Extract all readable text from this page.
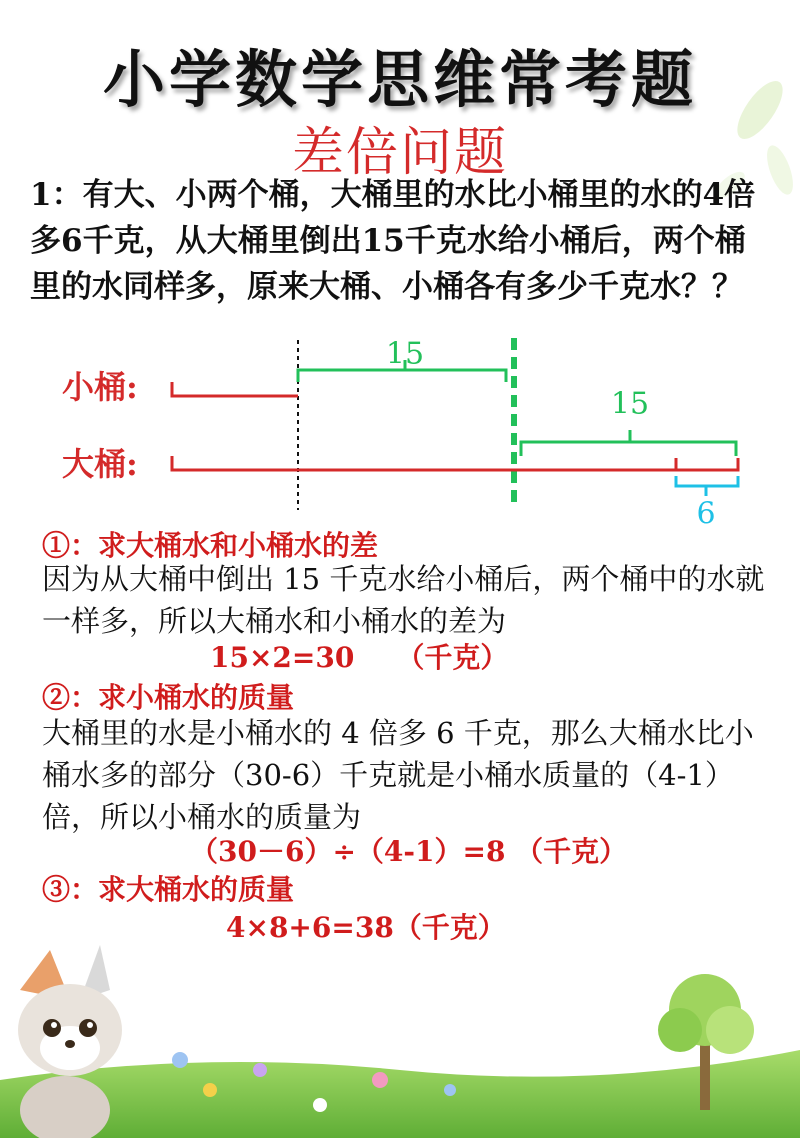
小学数学思维常考题
差倍问题
1：有大、小两个桶，大桶里的水比小桶里的水的4倍多6千克，从大桶里倒出15千克水给小桶后，两个桶里的水同样多，原来大桶、小桶各有多少千克水？？
小桶:
大桶:
15
15
6
①：求大桶水和小桶水的差
因为从大桶中倒出 15 千克水给小桶后，两个桶中的水就一样多，所以大桶水和小桶水的差为
15×2=30　　（千克）
②：求小桶水的质量
大桶里的水是小桶水的 4 倍多 6 千克，那么大桶水比小桶水多的部分（30-6）千克就是小桶水质量的（4-1）倍，所以小桶水的质量为
（30－6）÷（4-1）=8 （千克）
③：求大桶水的质量
4×8+6=38（千克）
